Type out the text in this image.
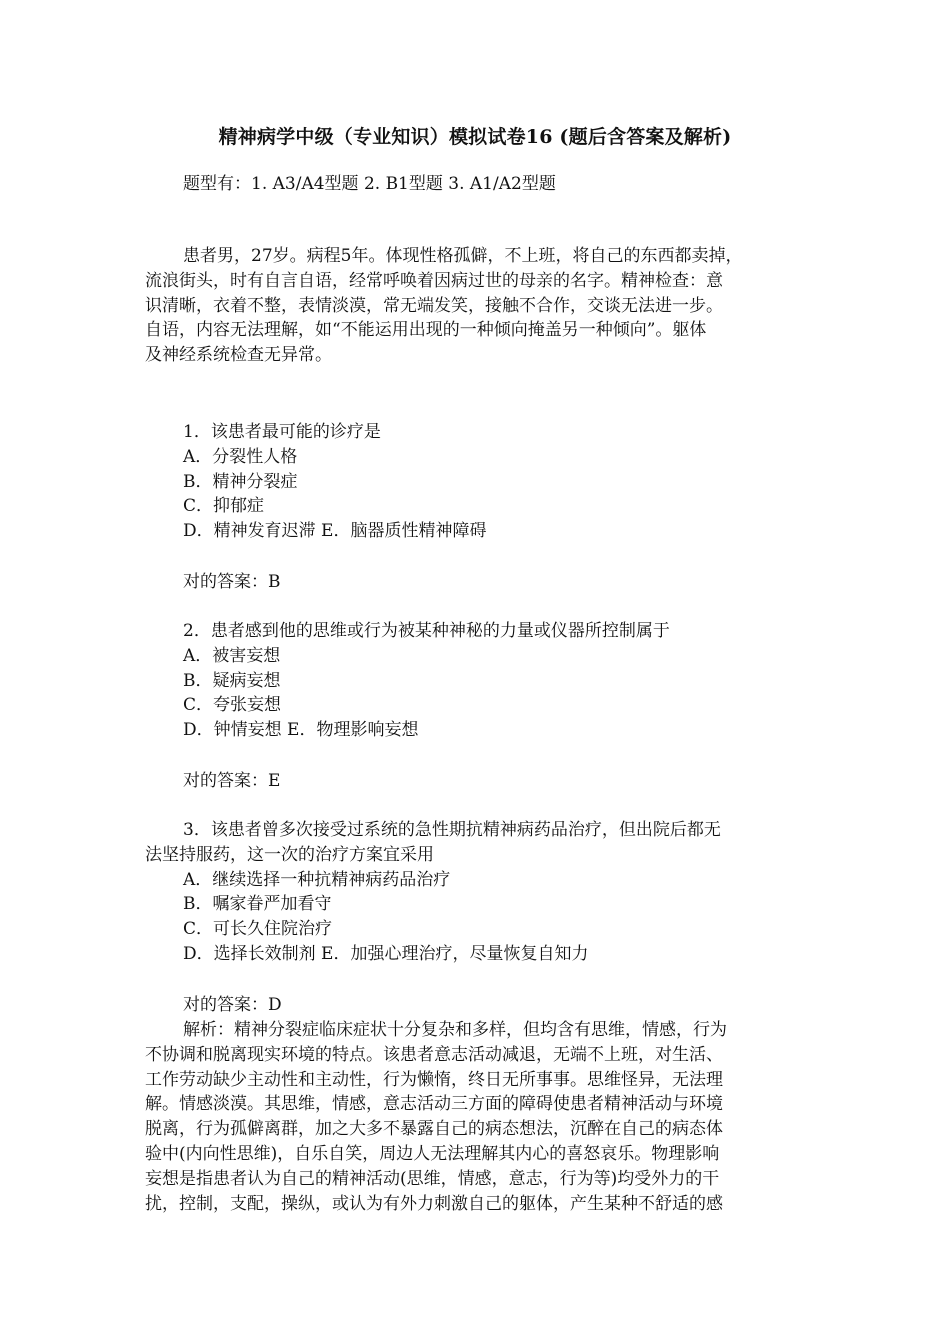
精神病学中级（专业知识）模拟试卷16 (题后含答案及解析)
题型有：1. A3/A4型题 2. B1型题 3. A1/A2型题
患者男，27岁。病程5年。体现性格孤僻，不上班，将自己的东西都卖掉，
流浪街头，时有自言自语，经常呼唤着因病过世的母亲的名字。精神检查：意
识清晰，衣着不整，表情淡漠，常无端发笑，接触不合作，交谈无法进一步。
自语，内容无法理解，如“不能运用出现的一种倾向掩盖另一种倾向”。躯体
及神经系统检查无异常。
1．该患者最可能的诊疗是
A．分裂性人格
B．精神分裂症
C．抑郁症
D．精神发育迟滞 E．脑器质性精神障碍
对的答案：B
2．患者感到他的思维或行为被某种神秘的力量或仪器所控制属于
A．被害妄想
B．疑病妄想
C．夸张妄想
D．钟情妄想 E．物理影响妄想
对的答案：E
3．该患者曾多次接受过系统的急性期抗精神病药品治疗，但出院后都无
法坚持服药，这一次的治疗方案宜采用
A．继续选择一种抗精神病药品治疗
B．嘱家眷严加看守
C．可长久住院治疗
D．选择长效制剂 E．加强心理治疗，尽量恢复自知力
对的答案：D
解析：精神分裂症临床症状十分复杂和多样，但均含有思维，情感，行为
不协调和脱离现实环境的特点。该患者意志活动减退，无端不上班，对生活、
工作劳动缺少主动性和主动性，行为懒惰，终日无所事事。思维怪异，无法理
解。情感淡漠。其思维，情感，意志活动三方面的障碍使患者精神活动与环境
脱离，行为孤僻离群，加之大多不暴露自己的病态想法，沉醉在自己的病态体
验中(内向性思维)，自乐自笑，周边人无法理解其内心的喜怒哀乐。物理影响
妄想是指患者认为自己的精神活动(思维，情感，意志，行为等)均受外力的干
扰，控制，支配，操纵，或认为有外力刺激自己的躯体，产生某种不舒适的感
